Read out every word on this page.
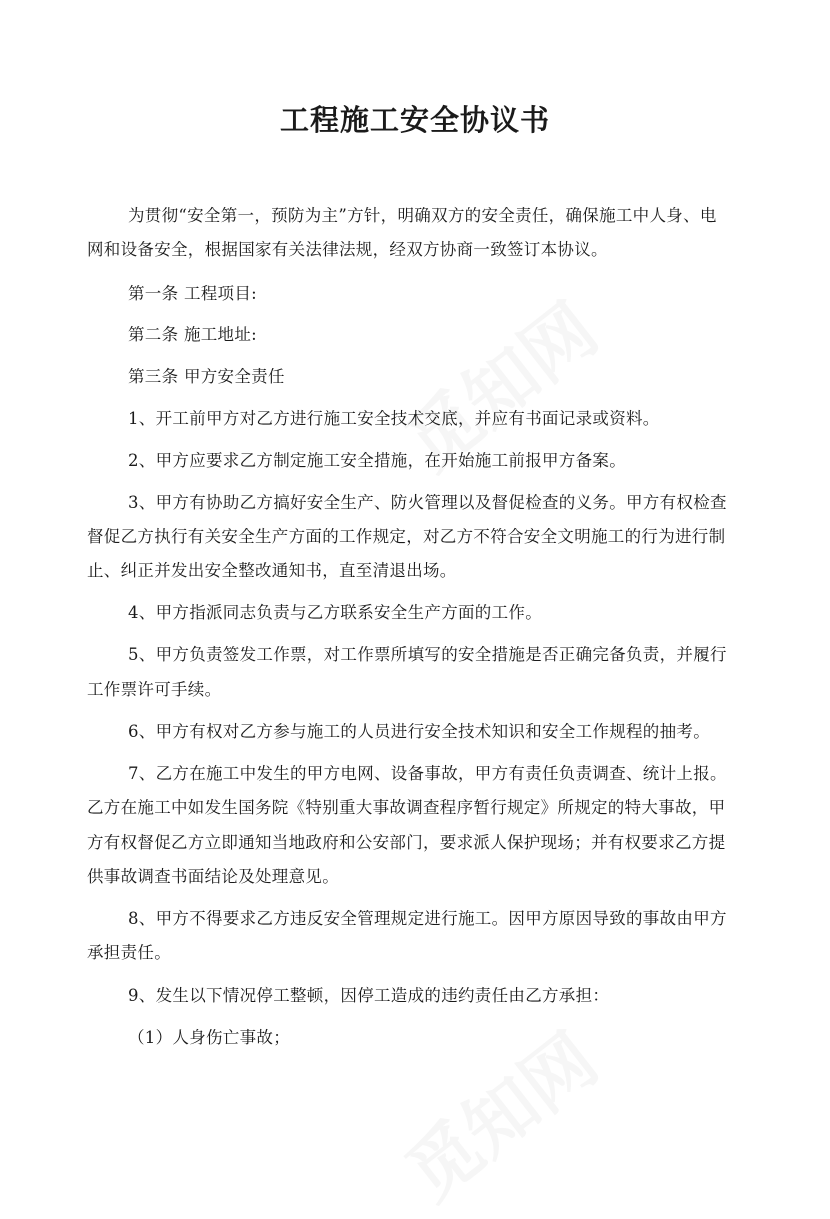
工程施工安全协议书
为贯彻“安全第一，预防为主”方针，明确双方的安全责任，确保施工中人身、电
网和设备安全，根据国家有关法律法规，经双方协商一致签订本协议。
第一条 工程项目:
第二条 施工地址:
第三条 甲方安全责任
1、开工前甲方对乙方进行施工安全技术交底，并应有书面记录或资料。
2、甲方应要求乙方制定施工安全措施，在开始施工前报甲方备案。
3、甲方有协助乙方搞好安全生产、防火管理以及督促检查的义务。甲方有权检查
督促乙方执行有关安全生产方面的工作规定，对乙方不符合安全文明施工的行为进行制
止、纠正并发出安全整改通知书，直至清退出场。
4、甲方指派同志负责与乙方联系安全生产方面的工作。
5、甲方负责签发工作票，对工作票所填写的安全措施是否正确完备负责，并履行
工作票许可手续。
6、甲方有权对乙方参与施工的人员进行安全技术知识和安全工作规程的抽考。
7、乙方在施工中发生的甲方电网、设备事故，甲方有责任负责调查、统计上报。
乙方在施工中如发生国务院《特别重大事故调查程序暂行规定》所规定的特大事故，甲
方有权督促乙方立即通知当地政府和公安部门，要求派人保护现场；并有权要求乙方提
供事故调查书面结论及处理意见。
8、甲方不得要求乙方违反安全管理规定进行施工。因甲方原因导致的事故由甲方
承担责任。
9、发生以下情况停工整顿，因停工造成的违约责任由乙方承担：
（1）人身伤亡事故；
